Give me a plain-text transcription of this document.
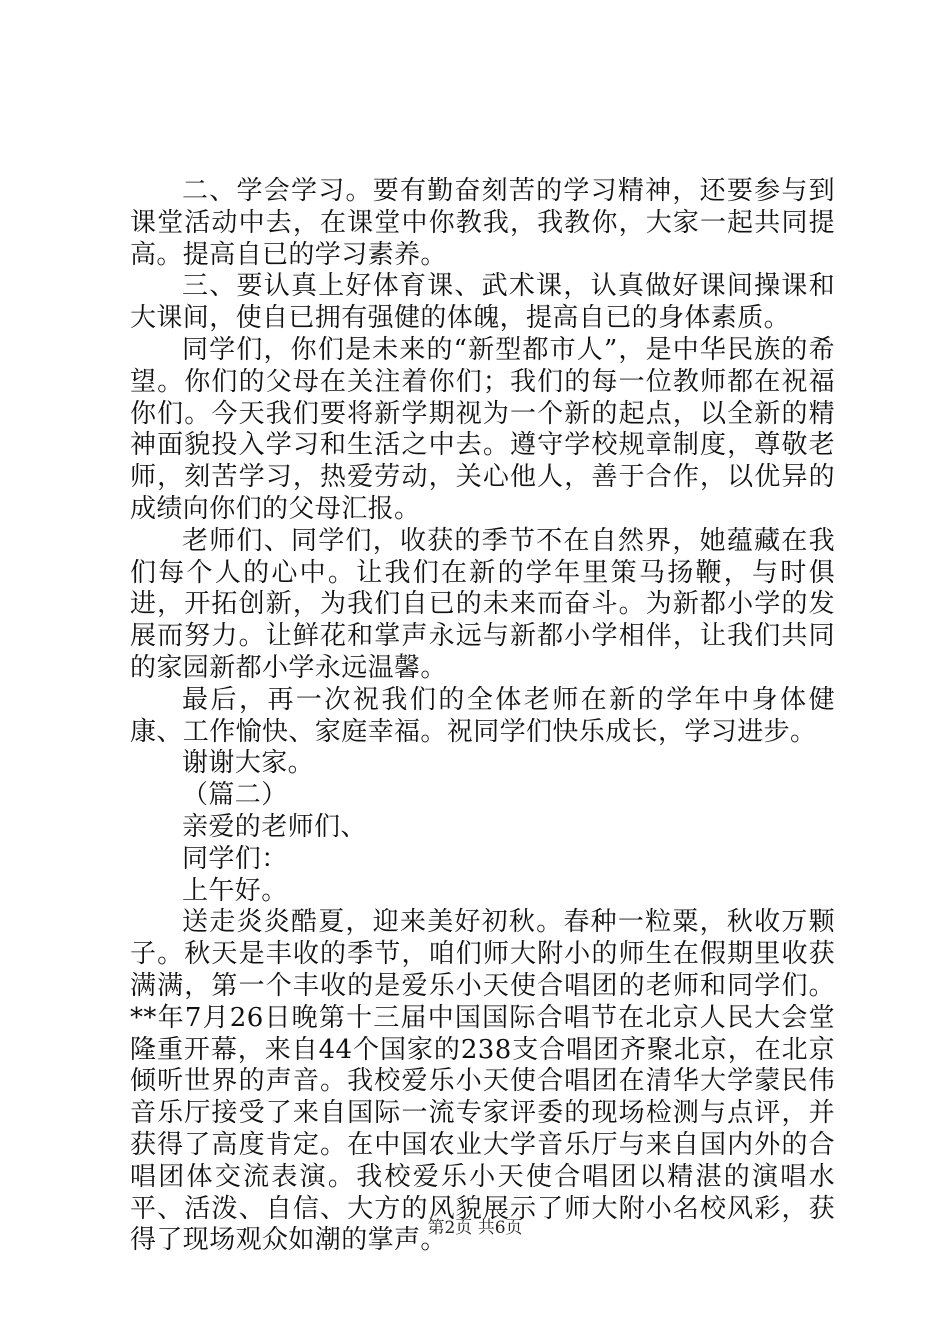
二、学会学习。要有勤奋刻苦的学习精神，还要参与到课堂活动中去，在课堂中你教我，我教你，大家一起共同提高。提高自已的学习素养。

三、要认真上好体育课、武术课，认真做好课间操课和大课间，使自已拥有强健的体魄，提高自已的身体素质。

同学们，你们是未来的“新型都市人”，是中华民族的希望。你们的父母在关注着你们；我们的每一位教师都在祝福你们。今天我们要将新学期视为一个新的起点，以全新的精神面貌投入学习和生活之中去。遵守学校规章制度，尊敬老师，刻苦学习，热爱劳动，关心他人，善于合作，以优异的成绩向你们的父母汇报。

老师们、同学们，收获的季节不在自然界，她蕴藏在我们每个人的心中。让我们在新的学年里策马扬鞭，与时俱进，开拓创新，为我们自已的未来而奋斗。为新都小学的发展而努力。让鲜花和掌声永远与新都小学相伴，让我们共同的家园新都小学永远温馨。

最后，再一次祝我们的全体老师在新的学年中身体健康、工作愉快、家庭幸福。祝同学们快乐成长，学习进步。

谢谢大家。

（篇二）

亲爱的老师们、

同学们：

上午好。

送走炎炎酷夏，迎来美好初秋。春种一粒粟，秋收万颗子。秋天是丰收的季节，咱们师大附小的师生在假期里收获满满，第一个丰收的是爱乐小天使合唱团的老师和同学们。**年7月26日晚第十三届中国国际合唱节在北京人民大会堂隆重开幕，来自44个国家的238支合唱团齐聚北京，在北京倾听世界的声音。我校爱乐小天使合唱团在清华大学蒙民伟音乐厅接受了来自国际一流专家评委的现场检测与点评，并获得了高度肯定。在中国农业大学音乐厅与来自国内外的合唱团体交流表演。我校爱乐小天使合唱团以精湛的演唱水平、活泼、自信、大方的风貌展示了师大附小名校风彩，获得了现场观众如潮的掌声。

第2页 共6页
